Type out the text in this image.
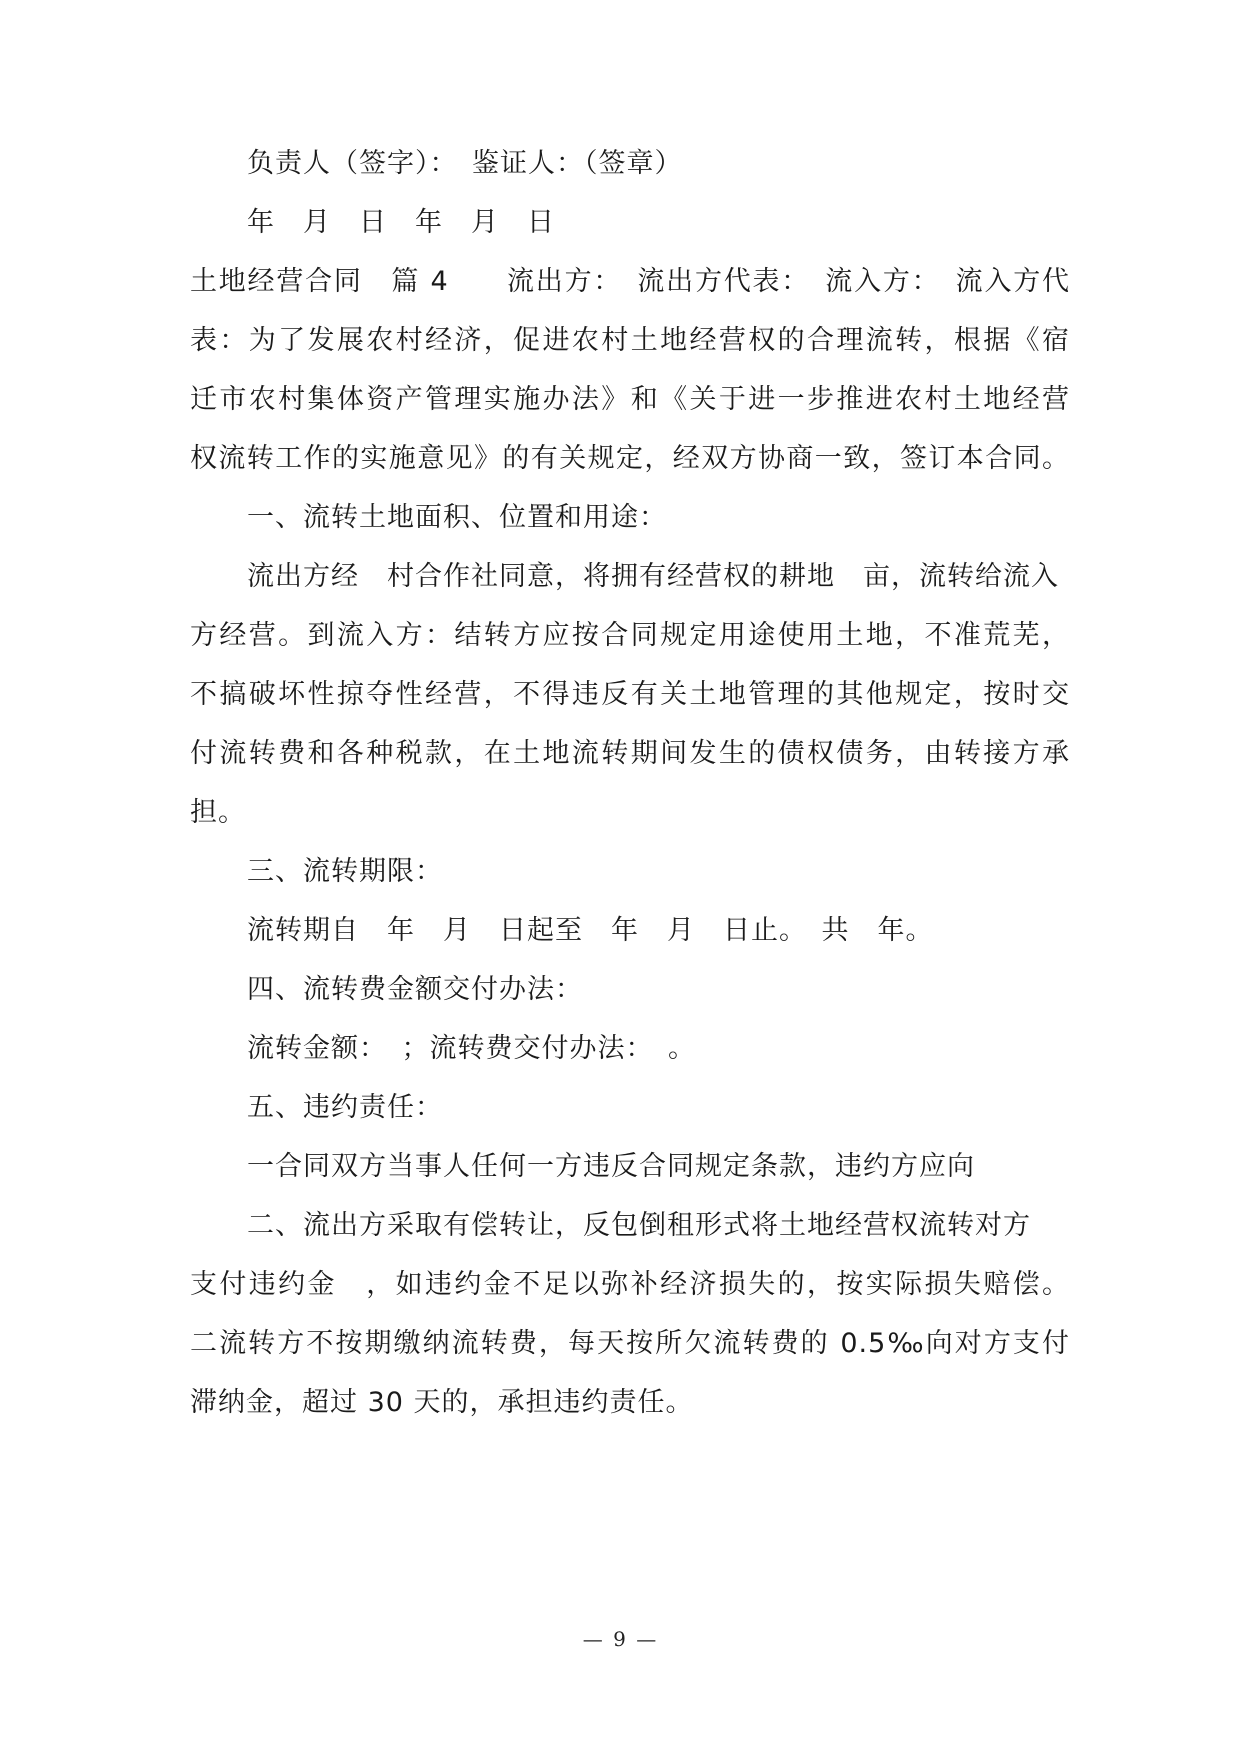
负责人（签字）：　鉴证人：（签章）
年　月　日　年　月　日
土地经营合同　篇 4　　流出方：　流出方代表：　流入方：　流入方代
表：为了发展农村经济，促进农村土地经营权的合理流转，根据《宿
迁市农村集体资产管理实施办法》和《关于进一步推进农村土地经营
权流转工作的实施意见》的有关规定，经双方协商一致，签订本合同。
一、流转土地面积、位置和用途：
流出方经　村合作社同意，将拥有经营权的耕地　亩，流转给流入
方经营。到流入方：结转方应按合同规定用途使用土地，不准荒芜，
不搞破坏性掠夺性经营，不得违反有关土地管理的其他规定，按时交
付流转费和各种税款，在土地流转期间发生的债权债务，由转接方承
担。
三、流转期限：
流转期自　年　月　日起至　年　月　日止。　共　年。
四、流转费金额交付办法：
流转金额：　；流转费交付办法：　。
五、违约责任：
一合同双方当事人任何一方违反合同规定条款，违约方应向
二、流出方采取有偿转让，反包倒租形式将土地经营权流转对方
支付违约金　，如违约金不足以弥补经济损失的，按实际损失赔偿。
二流转方不按期缴纳流转费，每天按所欠流转费的 0.5‰向对方支付
滞纳金，超过 30 天的，承担违约责任。
— 9 —
